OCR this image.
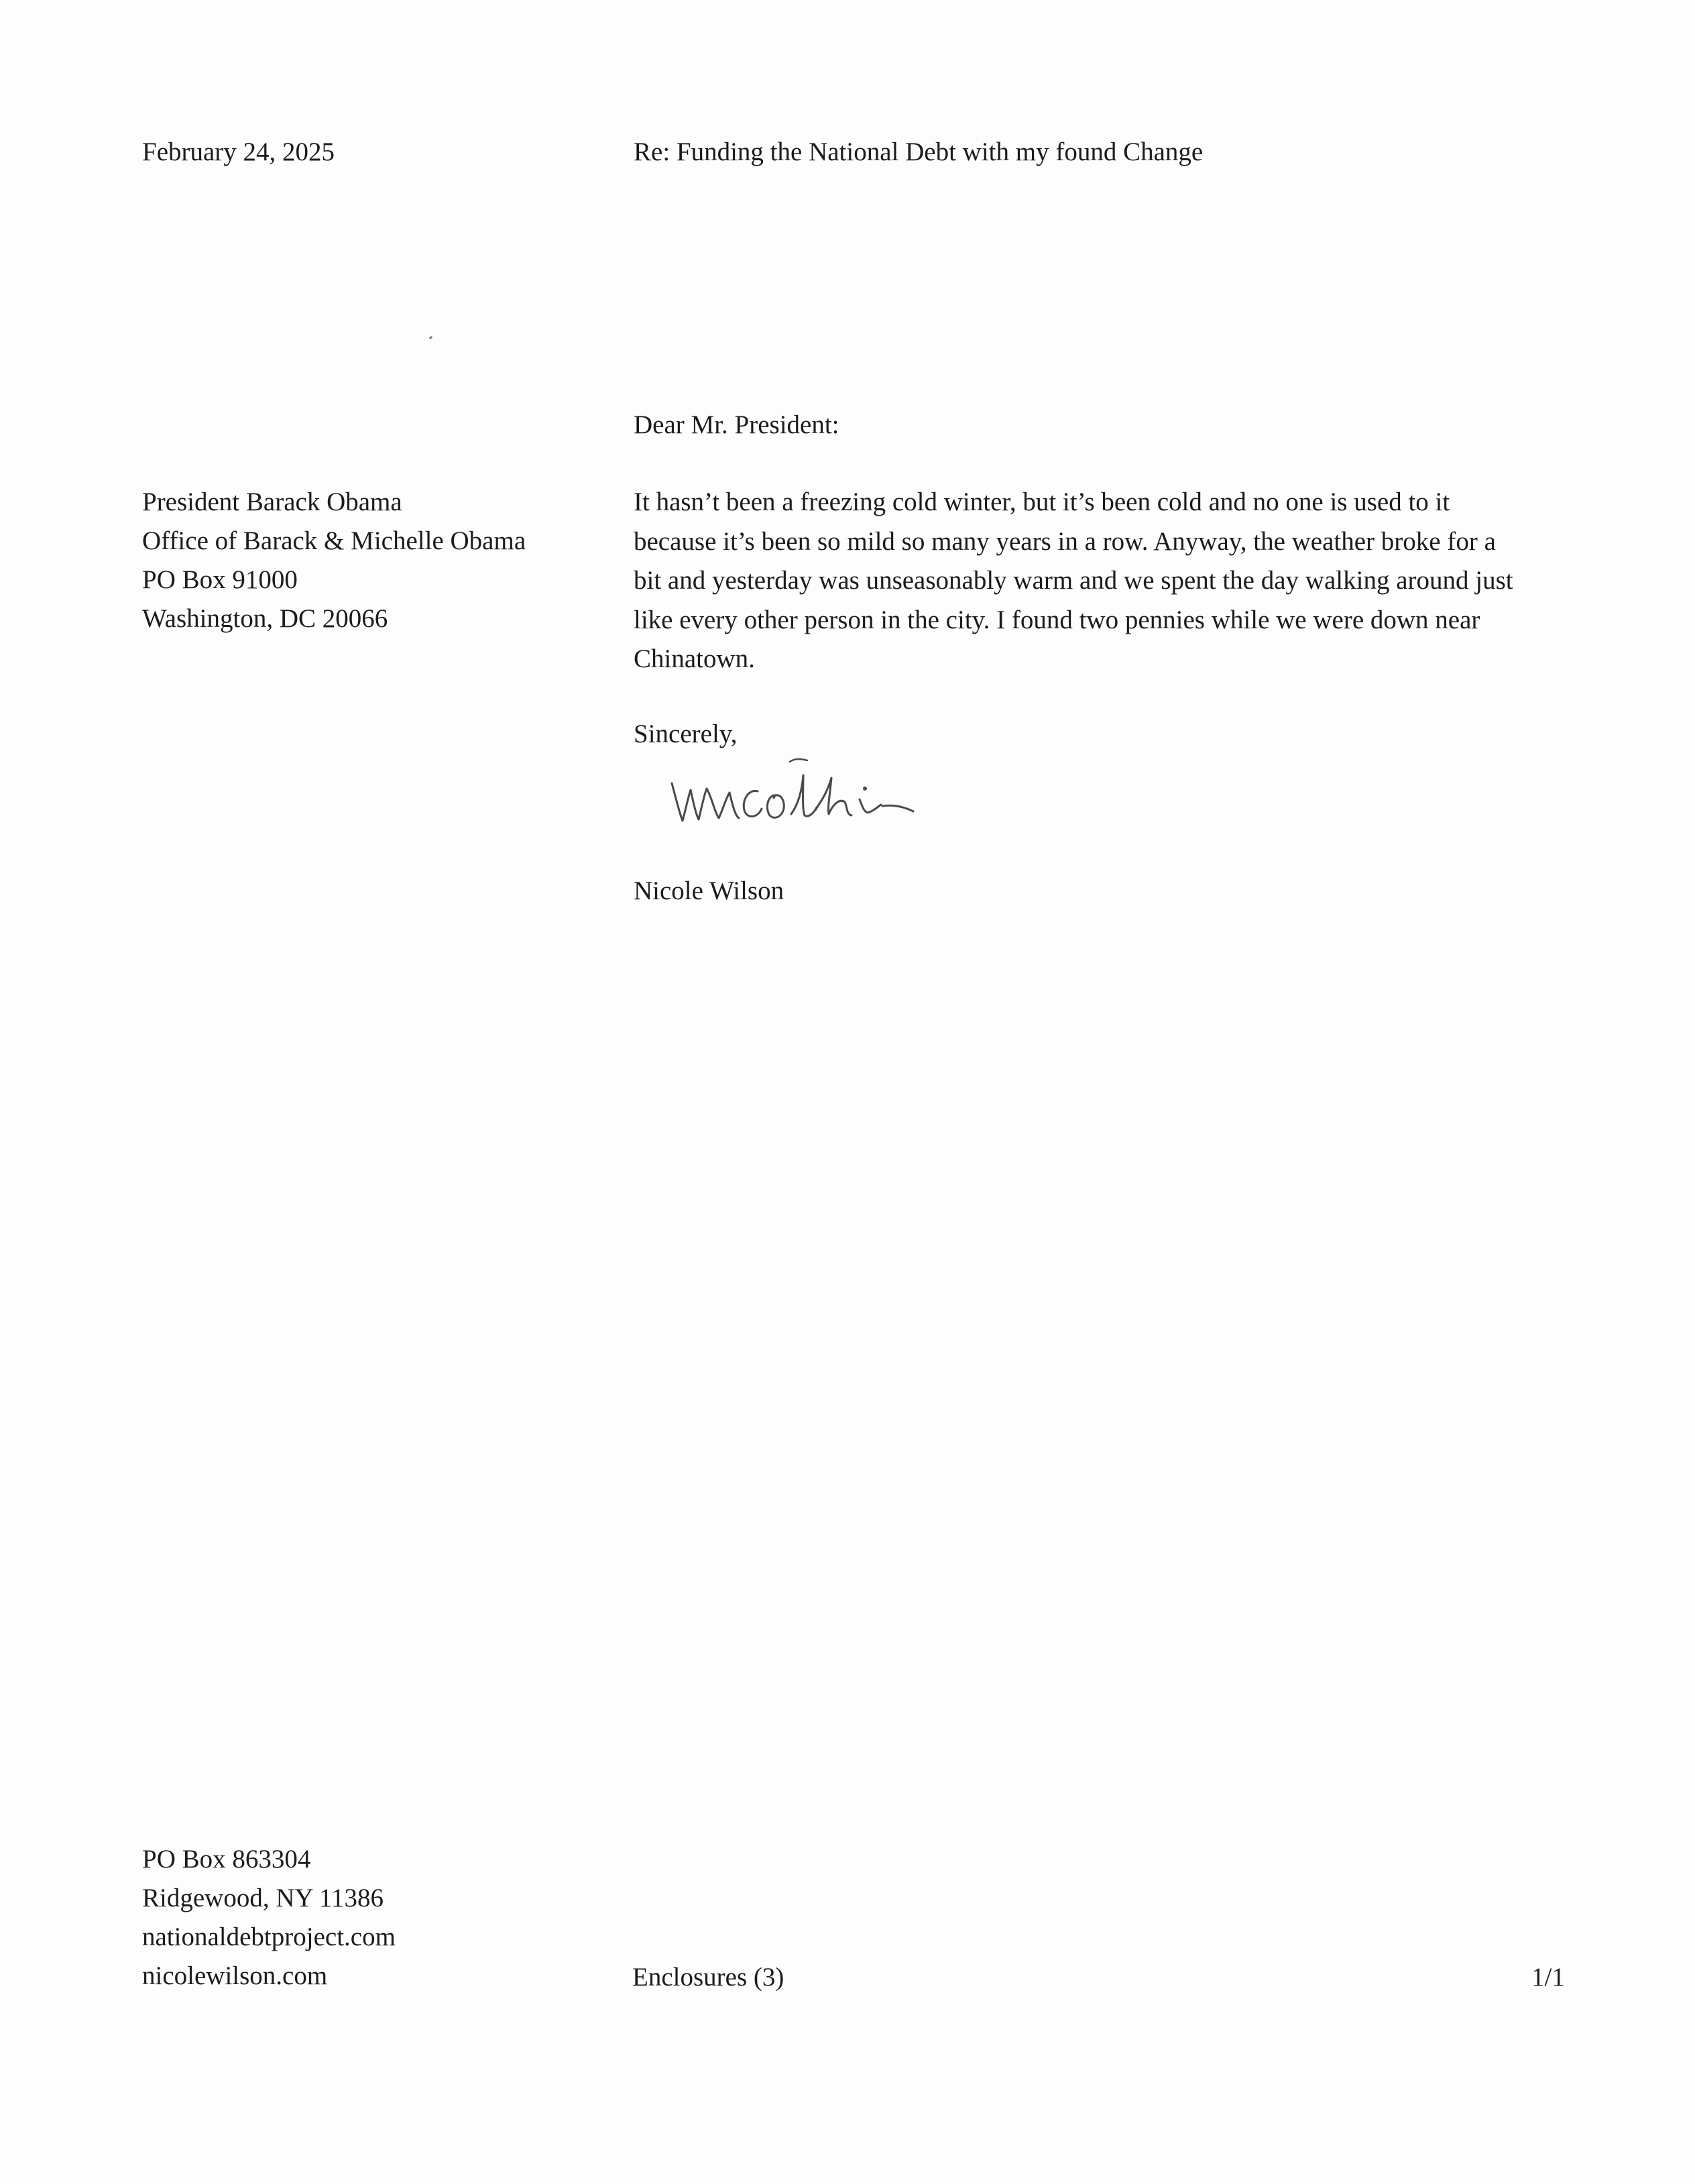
February 24, 2025	Re: Funding the National Debt with my found Change

Dear Mr. President:

President Barack Obama
Office of Barack & Michelle Obama
PO Box 91000
Washington, DC 20066
It hasn’t been a freezing cold winter, but it’s been cold and no one is used to it
because it’s been so mild so many years in a row. Anyway, the weather broke for a
bit and yesterday was unseasonably warm and we spent the day walking around just
like every other person in the city. I found two pennies while we were down near
Chinatown.

Sincerely,

Nicole Wilson

PO Box 863304
Ridgewood, NY 11386
nationaldebtproject.com
nicolewilson.com	Enclosures (3)	1/1
